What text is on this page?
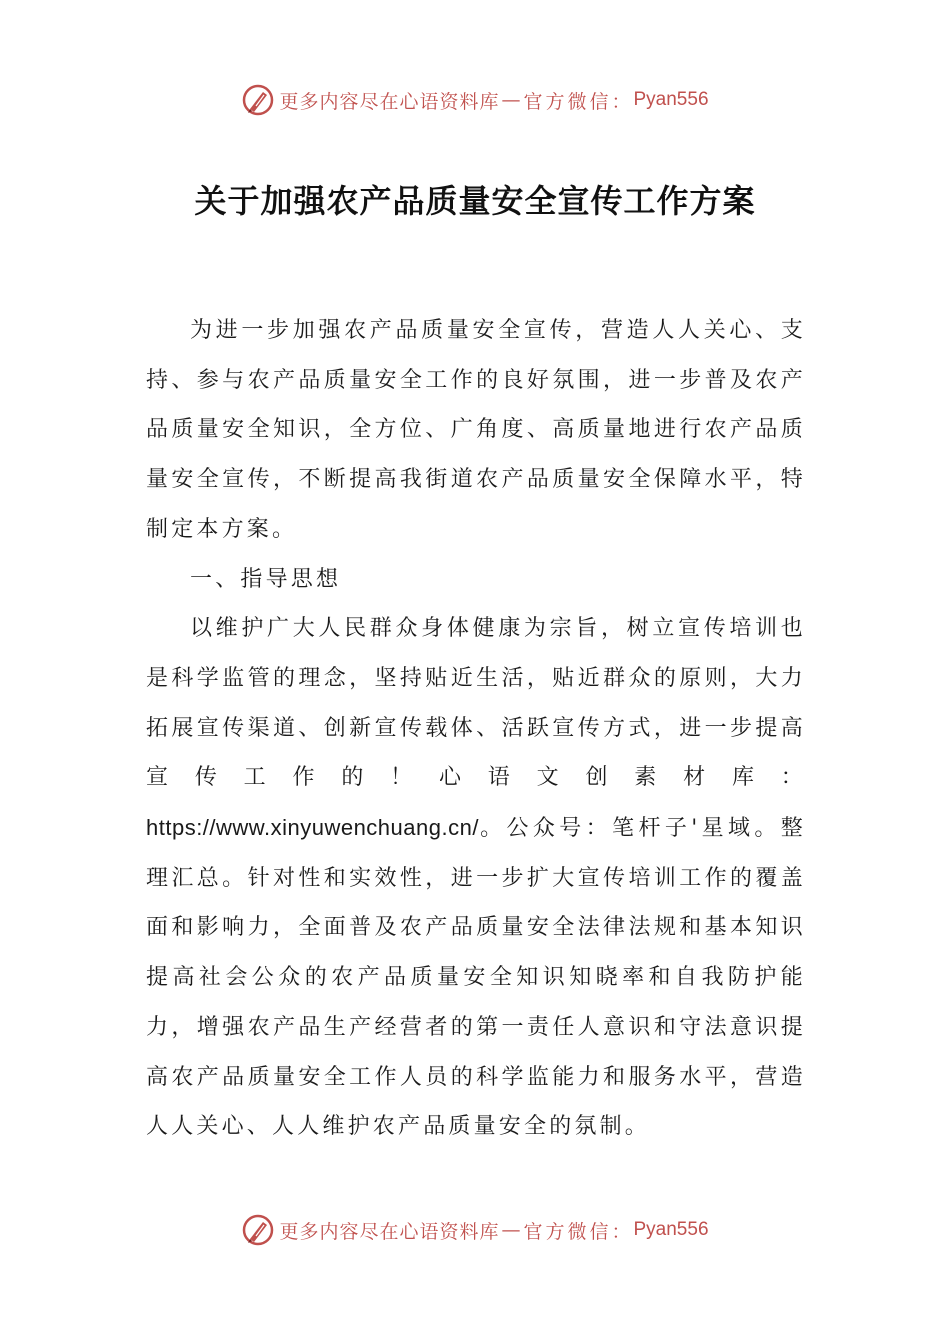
更多内容尽在心语资料库 — 官方微信： Pyan556
关于加强农产品质量安全宣传工作方案

为进一步加强农产品质量安全宣传，营造人人关心、支持、参与农产品质量安全工作的良好氛围，进一步普及农产品质量安全知识，全方位、广角度、高质量地进行农产品质量安全宣传，不断提高我街道农产品质量安全保障水平，特制定本方案。

一、指导思想

以维护广大人民群众身体健康为宗旨，树立宣传培训也是科学监管的理念，坚持贴近生活，贴近群众的原则，大力拓展宣传渠道、创新宣传载体、活跃宣传方式，进一步提高宣传工作的！心语文创素材库：https://www.xinyuwenchuang.cn/。公众号：笔杆子'星域。整理汇总。针对性和实效性，进一步扩大宣传培训工作的覆盖面和影响力，全面普及农产品质量安全法律法规和基本知识提高社会公众的农产品质量安全知识知晓率和自我防护能力，增强农产品生产经营者的第一责任人意识和守法意识提高农产品质量安全工作人员的科学监能力和服务水平，营造人人关心、人人维护农产品质量安全的氛制。

更多内容尽在心语资料库 — 官方微信： Pyan556
